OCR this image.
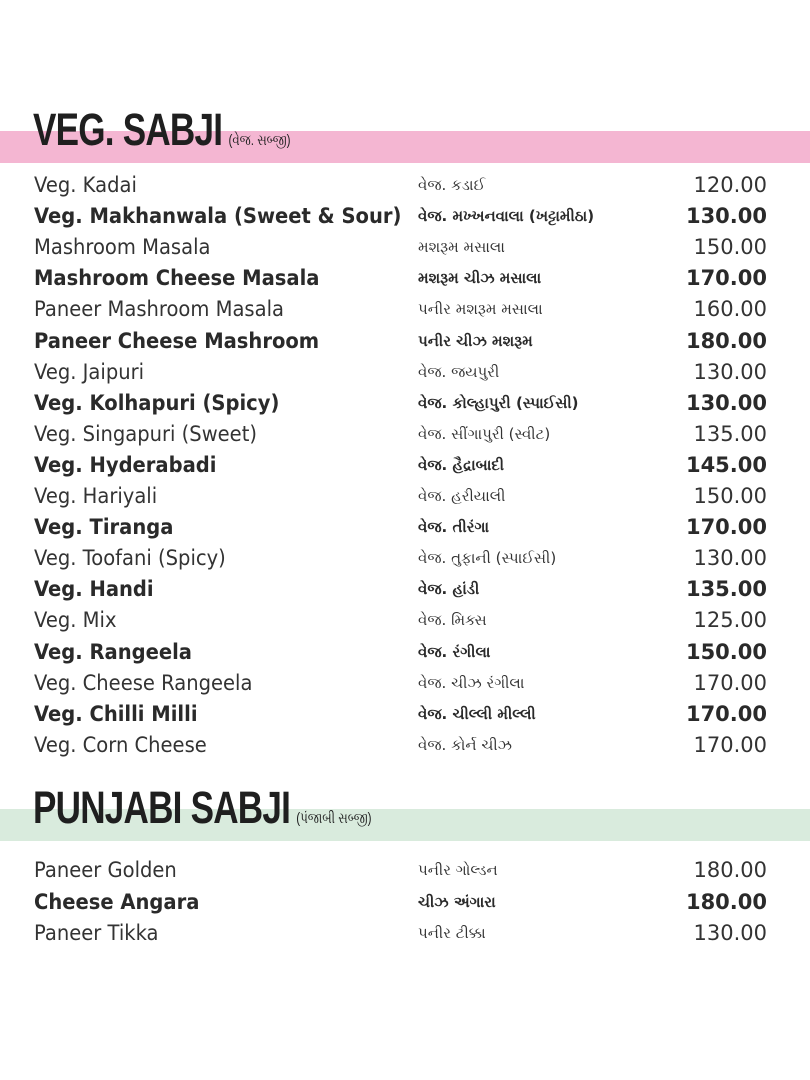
VEG. SABJI (વેજ. સબ્જી)
Veg. Kadai	વેજ. કડાઈ	120.00
Veg. Makhanwala (Sweet & Sour) વેજ. મખ્ખનવાલા (ખટ્ટામીઠા)	130.00
Mashroom Masala	મશરૂમ મસાલા	150.00
Mashroom Cheese Masala	મશરૂમ ચીઝ મસાલા	170.00
Paneer Mashroom Masala	પનીર મશરૂમ મસાલા	160.00
Paneer Cheese Mashroom	પનીર ચીઝ મશરૂમ	180.00
Veg. Jaipuri	વેજ. જયપુરી	130.00
Veg. Kolhapuri (Spicy)	વેજ. કોલ્હાપુરી (સ્પાઈસી)	130.00
Veg. Singapuri (Sweet)	વેજ. સીંગાપુરી (સ્વીટ)	135.00
Veg. Hyderabadi	વેજ. હૈદ્રાબાદી	145.00
Veg. Hariyali	વેજ. હરીયાલી	150.00
Veg. Tiranga	વેજ. તીરંગા	170.00
Veg. Toofani (Spicy)	વેજ. તુફાની (સ્પાઈસી)	130.00
Veg. Handi	વેજ. હાંડી	135.00
Veg. Mix	વેજ. મિક્સ	125.00
Veg. Rangeela	વેજ. રંગીલા	150.00
Veg. Cheese Rangeela	વેજ. ચીઝ રંગીલા	170.00
Veg. Chilli Milli	વેજ. ચીલ્લી મીલ્લી	170.00
Veg. Corn Cheese	વેજ. કોર્ન ચીઝ	170.00
PUNJABI SABJI (પંજાબી સબ્જી)
Paneer Golden	પનીર ગોલ્ડન	180.00
Cheese Angara	ચીઝ અંગારા	180.00
Paneer Tikka	પનીર ટીક્કા	130.00
